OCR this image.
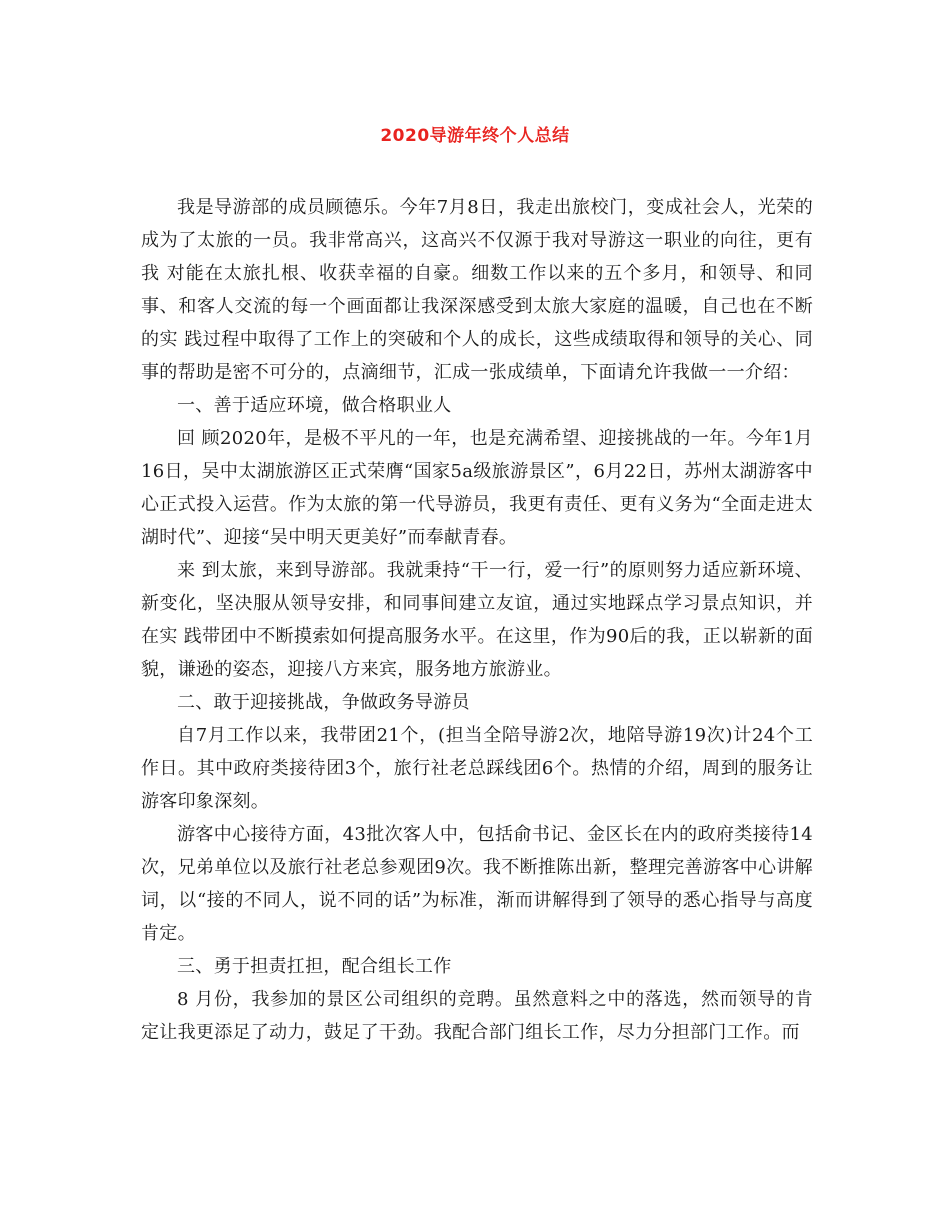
2020导游年终个人总结

我是导游部的成员顾德乐。今年7月8日，我走出旅校门，变成社会人，光荣的成为了太旅的一员。我非常高兴，这高兴不仅源于我对导游这一职业的向往，更有我 对能在太旅扎根、收获幸福的自豪。细数工作以来的五个多月，和领导、和同事、和客人交流的每一个画面都让我深深感受到太旅大家庭的温暖，自己也在不断的实 践过程中取得了工作上的突破和个人的成长，这些成绩取得和领导的关心、同事的帮助是密不可分的，点滴细节，汇成一张成绩单，下面请允许我做一一介绍：

一、善于适应环境，做合格职业人

回 顾2020年，是极不平凡的一年，也是充满希望、迎接挑战的一年。今年1月16日，吴中太湖旅游区正式荣膺“国家5a级旅游景区”，6月22日，苏州太湖游客中心正式投入运营。作为太旅的第一代导游员，我更有责任、更有义务为“全面走进太湖时代”、迎接“吴中明天更美好”而奉献青春。

来 到太旅，来到导游部。我就秉持“干一行，爱一行”的原则努力适应新环境、新变化，坚决服从领导安排，和同事间建立友谊，通过实地踩点学习景点知识，并在实 践带团中不断摸索如何提高服务水平。在这里，作为90后的我，正以崭新的面貌，谦逊的姿态，迎接八方来宾，服务地方旅游业。

二、敢于迎接挑战，争做政务导游员

自7月工作以来，我带团21个，(担当全陪导游2次，地陪导游19次)计24个工作日。其中政府类接待团3个，旅行社老总踩线团6个。热情的介绍，周到的服务让游客印象深刻。

游客中心接待方面，43批次客人中，包括俞书记、金区长在内的政府类接待14次，兄弟单位以及旅行社老总参观团9次。我不断推陈出新，整理完善游客中心讲解词，以“接的不同人，说不同的话”为标准，渐而讲解得到了领导的悉心指导与高度肯定。

三、勇于担责扛担，配合组长工作

8 月份，我参加的景区公司组织的竞聘。虽然意料之中的落选，然而领导的肯定让我更添足了动力，鼓足了干劲。我配合部门组长工作，尽力分担部门工作。而
